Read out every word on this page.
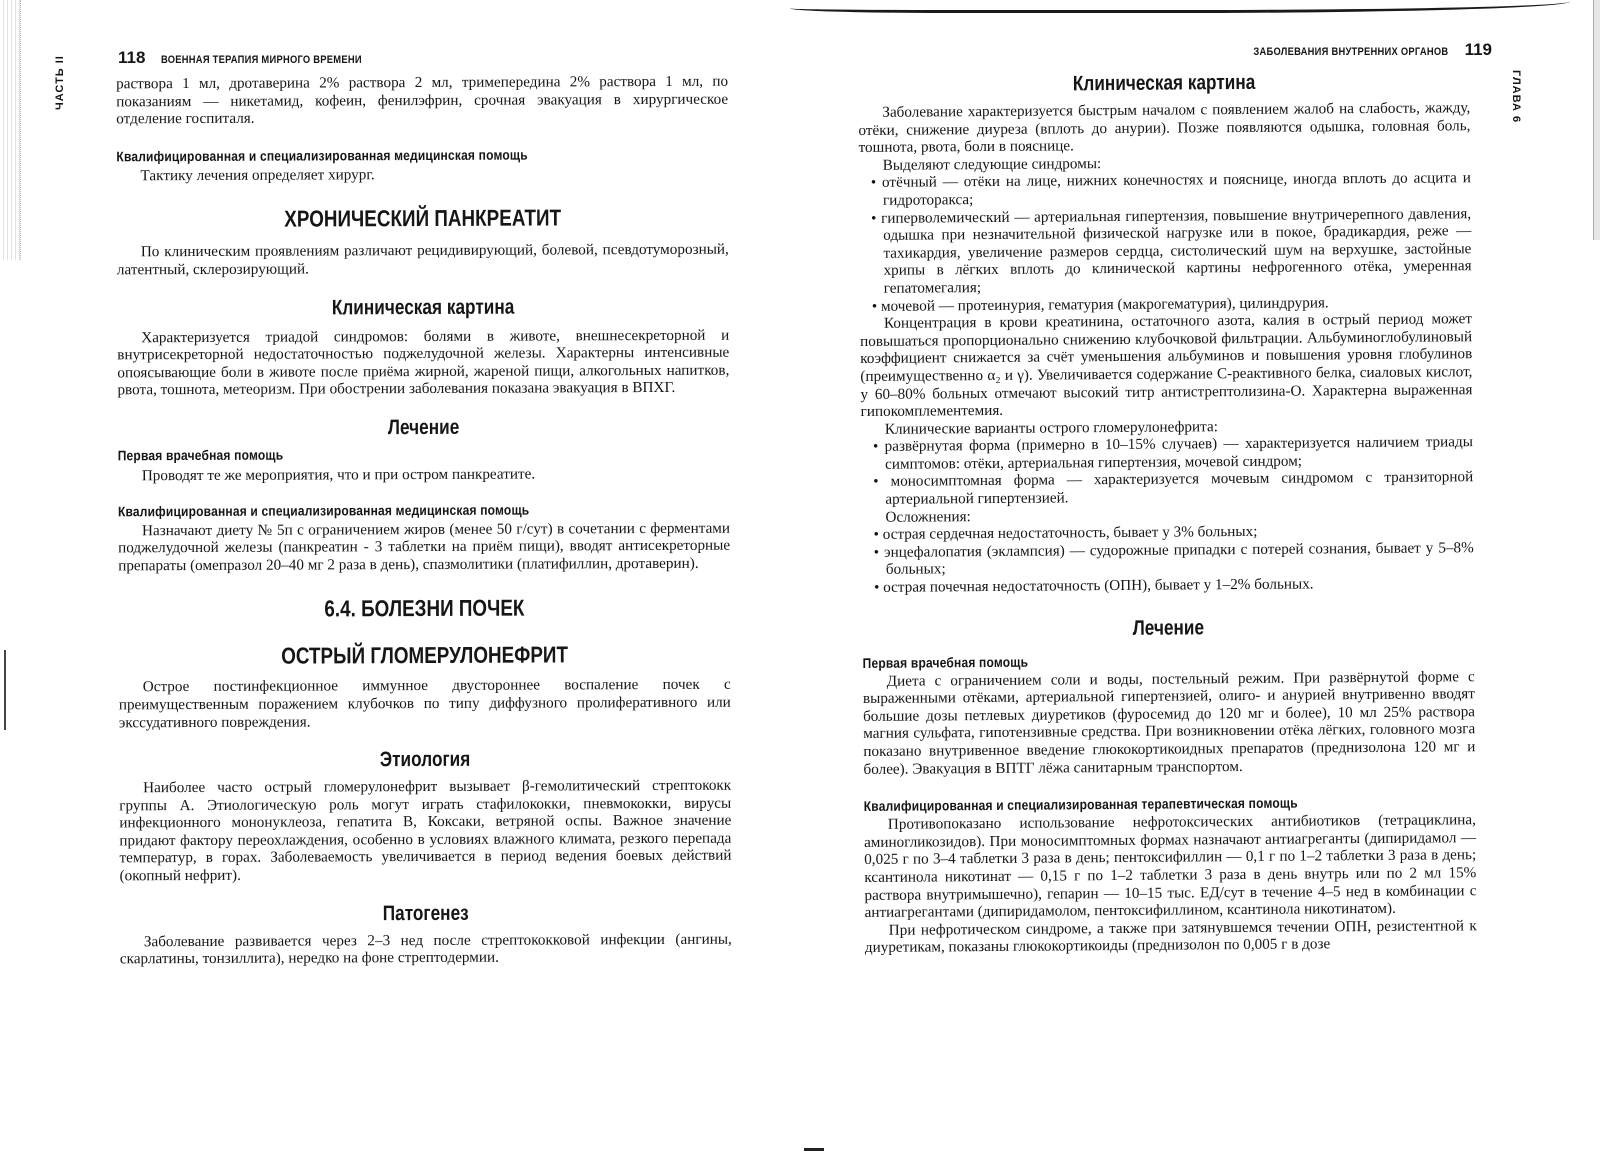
118 ВОЕННАЯ ТЕРАПИЯ МИРНОГО ВРЕМЕНИ
ЧАСТЬ II	раствора 1 мл, дротаверина 2% раствора 2 мл, тримепередина 2% раствора 1 мл, по показаниям — никетамид, кофеин, фенилэфрин, срочная эвакуация в хирургическое отделение госпиталя.

Квалифицированная и специализированная медицинская помощь

Тактику лечения определяет хирург.

ХРОНИЧЕСКИЙ ПАНКРЕАТИТ

По клиническим проявлениям различают рецидивирующий, болевой, псевдотуморозный, латентный, склерозирующий.

Клиническая картина

Характеризуется триадой синдромов: болями в животе, внешнесекреторной и внутрисекреторной недостаточностью поджелудочной железы. Характерны интенсивные опоясывающие боли в животе после приёма жирной, жареной пищи, алкогольных напитков, рвота, тошнота, метеоризм. При обострении заболевания показана эвакуация в ВПХГ.

Лечение
Первая врачебная помощь

Проводят те же мероприятия, что и при остром панкреатите.

Квалифицированная и специализированная медицинская помощь

Назначают диету № 5п с ограничением жиров (менее 50 г/сут) в сочетании с ферментами поджелудочной железы (панкреатин - 3 таблетки на приём пищи), вводят антисекреторные препараты (омепразол 20–40 мг 2 раза в день), спазмолитики (платифиллин, дротаверин).

6.4. БОЛЕЗНИ ПОЧЕК
ОСТРЫЙ ГЛОМЕРУЛОНЕФРИТ

Острое постинфекционное иммунное двустороннее воспаление почек с преимущественным поражением клубочков по типу диффузного пролиферативного или экссудативного повреждения.

Этиология

Наиболее часто острый гломерулонефрит вызывает β-гемолитический стрептококк группы А. Этиологическую роль могут играть стафилококки, пневмококки, вирусы инфекционного мононуклеоза, гепатита В, Коксаки, ветряной оспы. Важное значение придают фактору переохлаждения, особенно в условиях влажного климата, резкого перепада температур, в горах. Заболеваемость увеличивается в период ведения боевых действий (окопный нефрит).

Патогенез

Заболевание развивается через 2–3 нед после стрептококковой инфекции (ангины, скарлатины, тонзиллита), нередко на фоне стрептодермии.

ЗАБОЛЕВАНИЯ ВНУТРЕННИХ ОРГАНОВ 119
ГЛАВА 6
Клиническая картина

Заболевание характеризуется быстрым началом с появлением жалоб на слабость, жажду, отёки, снижение диуреза (вплоть до анурии). Позже появляются одышка, головная боль, тошнота, рвота, боли в пояснице.

Выделяют следующие синдромы:

• отёчный — отёки на лице, нижних конечностях и пояснице, иногда вплоть до асцита и гидроторакса;
• гиперволемический — артериальная гипертензия, повышение внутричерепного давления, одышка при незначительной физической нагрузке или в покое, брадикардия, реже — тахикардия, увеличение размеров сердца, систолический шум на верхушке, застойные хрипы в лёгких вплоть до клинической картины нефрогенного отёка, умеренная гепатомегалия;
• мочевой — протеинурия, гематурия (макрогематурия), цилиндрурия.

Концентрация в крови креатинина, остаточного азота, калия в острый период может повышаться пропорционально снижению клубочковой фильтрации. Альбуминоглобулиновый коэффициент снижается за счёт уменьшения альбуминов и повышения уровня глобулинов (преимущественно α₂ и γ). Увеличивается содержание С-реактивного белка, сиаловых кислот, у 60–80% больных отмечают высокий титр антистрептолизина-О. Характерна выраженная гипокомплементемия.

Клинические варианты острого гломерулонефрита:

• развёрнутая форма (примерно в 10–15% случаев) — характеризуется наличием триады симптомов: отёки, артериальная гипертензия, мочевой синдром;
• моносимптомная форма — характеризуется мочевым синдромом с транзиторной артериальной гипертензией.

Осложнения:

• острая сердечная недостаточность, бывает у 3% больных;
• энцефалопатия (эклампсия) — судорожные припадки с потерей сознания, бывает у 5–8% больных;
• острая почечная недостаточность (ОПН), бывает у 1–2% больных.
Лечение
Первая врачебная помощь

Диета с ограничением соли и воды, постельный режим. При развёрнутой форме с выраженными отёками, артериальной гипертензией, олиго- и анурией внутривенно вводят большие дозы петлевых диуретиков (фуросемид до 120 мг и более), 10 мл 25% раствора магния сульфата, гипотензивные средства. При возникновении отёка лёгких, головного мозга показано внутривенное введение глюкокортикоидных препаратов (преднизолона 120 мг и более). Эвакуация в ВПТГ лёжа санитарным транспортом.

Квалифицированная и специализированная терапевтическая помощь

Противопоказано использование нефротоксических антибиотиков (тетрациклина, аминогликозидов). При моносимптомных формах назначают антиагреганты (дипиридамол — 0,025 г по 3–4 таблетки 3 раза в день; пентоксифиллин — 0,1 г по 1–2 таблетки 3 раза в день; ксантинола никотинат — 0,15 г по 1–2 таблетки 3 раза в день внутрь или по 2 мл 15% раствора внутримышечно), гепарин — 10–15 тыс. ЕД/сут в течение 4–5 нед в комбинации с антиагрегантами (дипиридамолом, пентоксифиллином, ксантинола никотинатом).

При нефротическом синдроме, а также при затянувшемся течении ОПН, резистентной к диуретикам, показаны глюкокортикоиды (преднизолон по 0,005 г в дозе
